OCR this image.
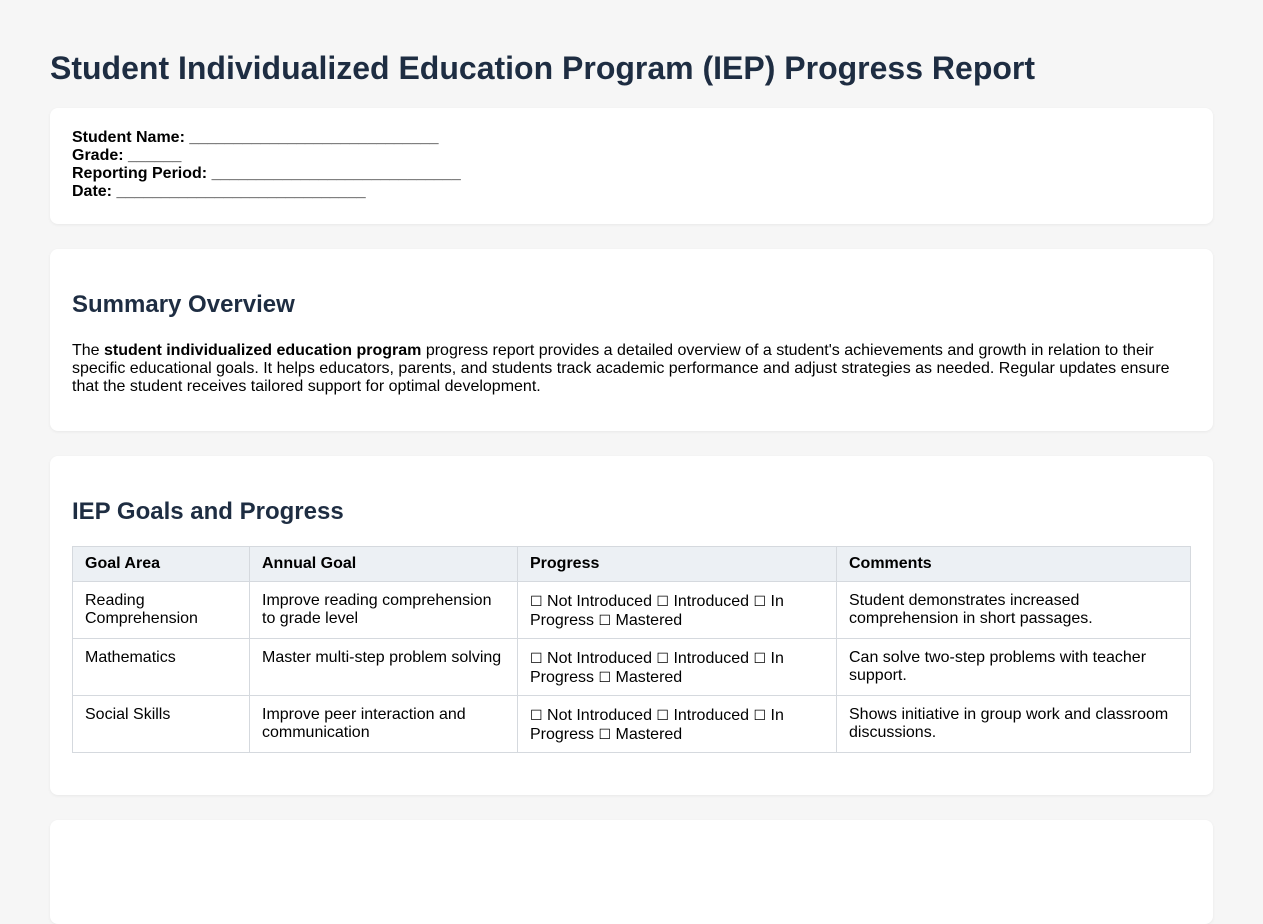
Student Individualized Education Program (IEP) Progress Report
Student Name: ____________________________
Grade: ______
Reporting Period: ____________________________
Date: ____________________________
Summary Overview

The student individualized education program progress report provides a detailed overview of a student's achievements and growth in relation to their specific educational goals. It helps educators, parents, and students track academic performance and adjust strategies as needed. Regular updates ensure that the student receives tailored support for optimal development.

IEP Goals and Progress
Goal Area	Annual Goal	Progress	Comments
Reading Comprehension	Improve reading comprehension to grade level	☐ Not Introduced ☐ Introduced ☐ In Progress ☐ Mastered	Student demonstrates increased comprehension in short passages.
Mathematics	Master multi-step problem solving	☐ Not Introduced ☐ Introduced ☐ In Progress ☐ Mastered	Can solve two-step problems with teacher support.
Social Skills	Improve peer interaction and communication	☐ Not Introduced ☐ Introduced ☐ In Progress ☐ Mastered	Shows initiative in group work and classroom discussions.
